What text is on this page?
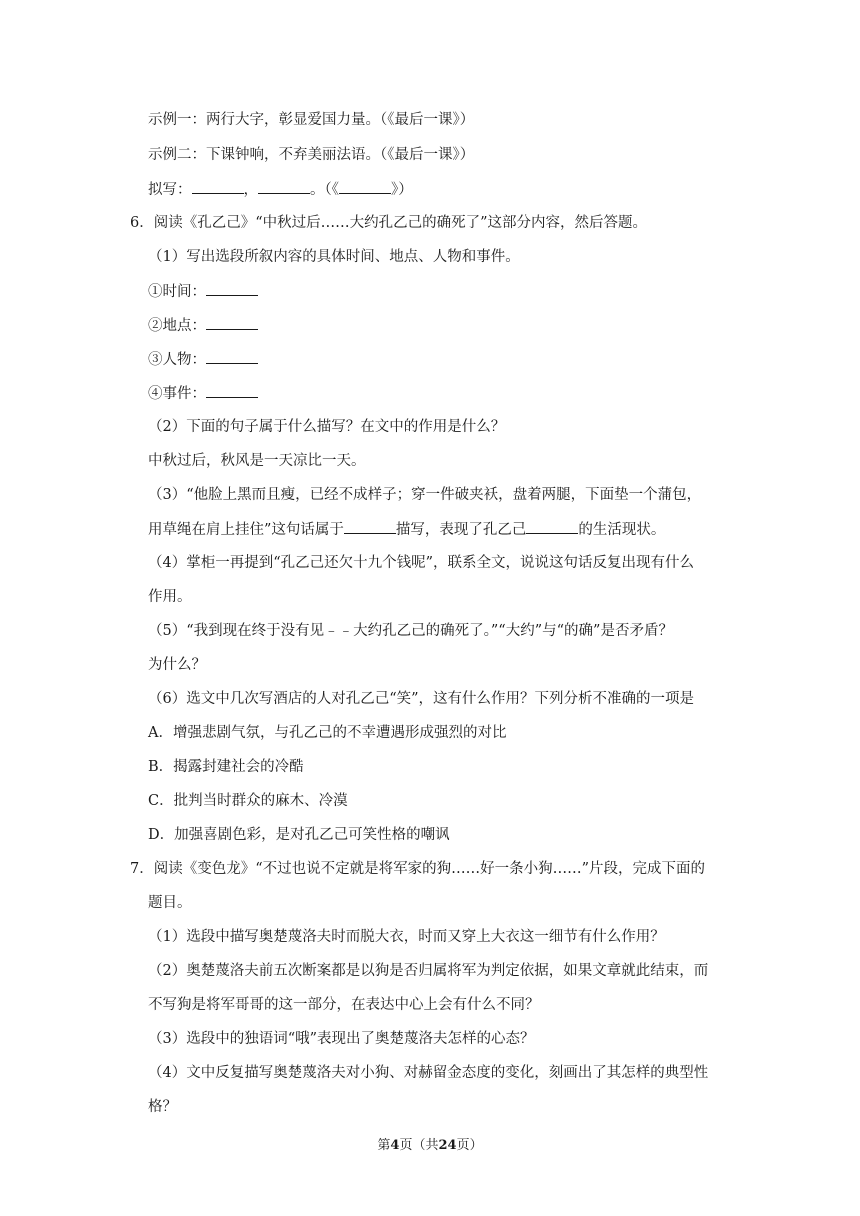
示例一：两行大字，彰显爱国力量。（《最后一课》）
示例二：下课钟响，不弃美丽法语。（《最后一课》）
拟写：	，	。（《	》）
6．阅读《孔乙己》“中秋过后……大约孔乙己的确死了”这部分内容，然后答题。
（1）写出选段所叙内容的具体时间、地点、人物和事件。
①时间：
②地点：
③人物：
④事件：
（2）下面的句子属于什么描写？在文中的作用是什么？
中秋过后，秋风是一天凉比一天。
（3）“他脸上黑而且瘦，已经不成样子；穿一件破夹袄，盘着两腿，下面垫一个蒲包，
用草绳在肩上挂住”这句话属于	描写，表现了孔乙己	的生活现状。
（4）掌柜一再提到“孔乙己还欠十九个钱呢”，联系全文，说说这句话反复出现有什么
作用。
（5）“我到现在终于没有见﹣﹣大约孔乙己的确死了。”“大约”与“的确”是否矛盾？
为什么？
（6）选文中几次写酒店的人对孔乙己“笑”，这有什么作用？下列分析不准确的一项是
A．增强悲剧气氛，与孔乙己的不幸遭遇形成强烈的对比
B．揭露封建社会的冷酷
C．批判当时群众的麻木、冷漠
D．加强喜剧色彩，是对孔乙己可笑性格的嘲讽
7．阅读《变色龙》“不过也说不定就是将军家的狗……好一条小狗……”片段，完成下面的
题目。
（1）选段中描写奥楚蔑洛夫时而脱大衣，时而又穿上大衣这一细节有什么作用？
（2）奥楚蔑洛夫前五次断案都是以狗是否归属将军为判定依据，如果文章就此结束，而
不写狗是将军哥哥的这一部分，在表达中心上会有什么不同？
（3）选段中的独语词“哦”表现出了奥楚蔑洛夫怎样的心态？
（4）文中反复描写奥楚蔑洛夫对小狗、对赫留金态度的变化，刻画出了其怎样的典型性
格？
第4页（共24页）
